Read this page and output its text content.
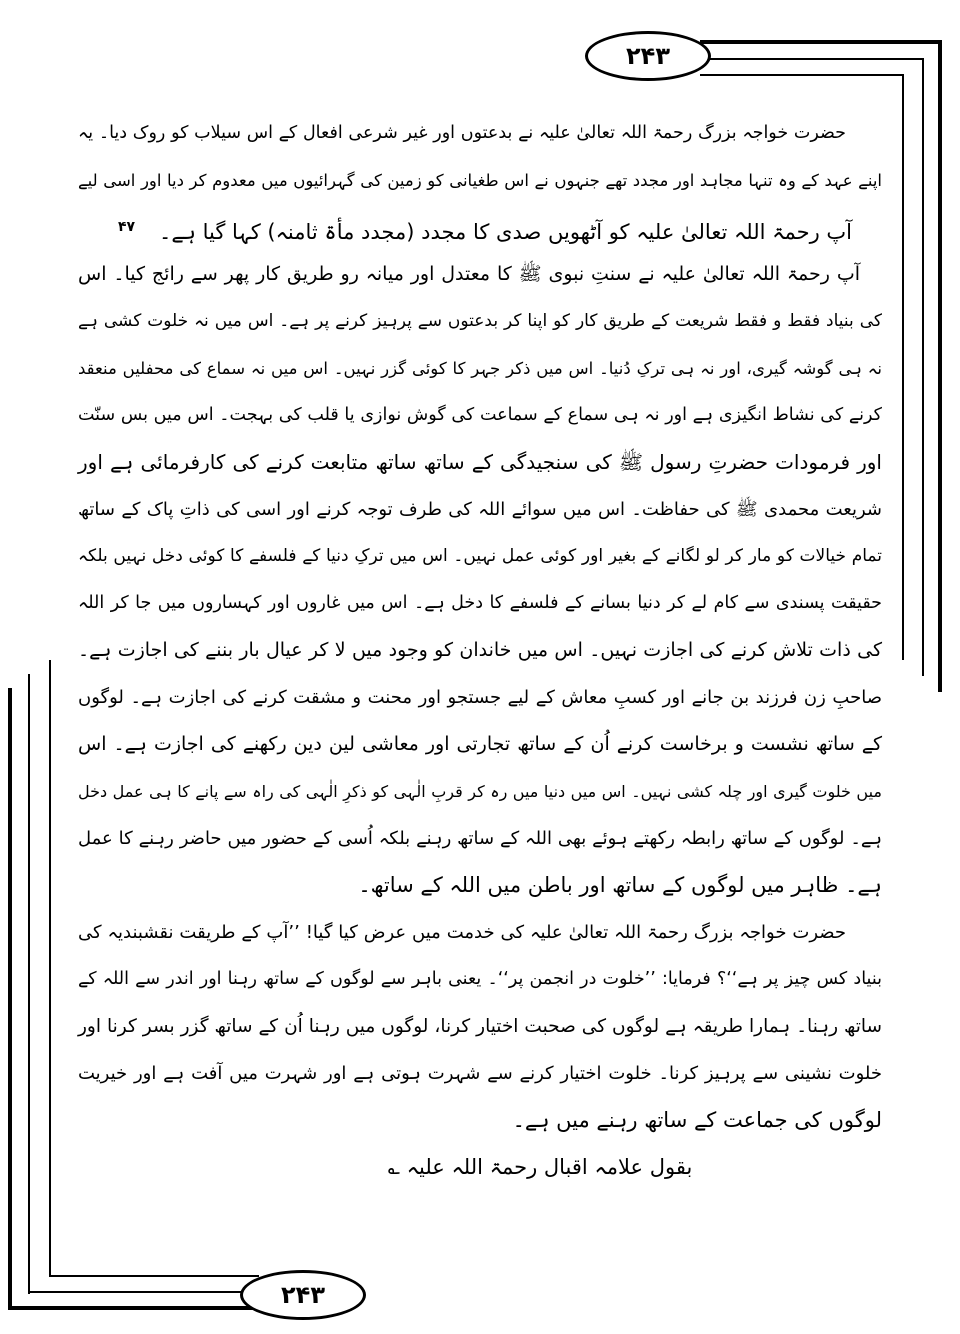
۲۴۳
۲۴۳
حضرت خواجہ بزرگ رحمۃ اللہ تعالیٰ علیہ نے بدعتوں اور غیر شرعی افعال کے اس سیلاب کو روک دیا۔ یہ
اپنے عہد کے وہ تنہا مجاہد اور مجدد تھے جنہوں نے اس طغیانی کو زمین کی گہرائیوں میں معدوم کر دیا اور اسی لیے
آپ رحمۃ اللہ تعالیٰ علیہ کو آٹھویں صدی کا مجدد (مجدد مأۃ ثامنہ) کہا گیا ہے۔$^{۴۷}$
آپ رحمۃ اللہ تعالیٰ علیہ نے سنتِ نبوی ﷺ کا معتدل اور میانہ رو طریق کار پھر سے رائج کیا۔ اس
کی بنیاد فقط و فقط شریعت کے طریق کار کو اپنا کر بدعتوں سے پرہیز کرنے پر ہے۔ اس میں نہ خلوت کشی ہے
نہ ہی گوشہ گیری، اور نہ ہی ترکِ دُنیا۔ اس میں ذکر جہر کا کوئی گزر نہیں۔ اس میں نہ سماع کی محفلیں منعقد
کرنے کی نشاط انگیزی ہے اور نہ ہی سماع کے سماعت کی گوش نوازی یا قلب کی بہجت۔ اس میں بس سنّت
اور فرمودات حضرتِ رسول ﷺ کی سنجیدگی کے ساتھ ساتھ متابعت کرنے کی کارفرمائی ہے اور
شریعت محمدی ﷺ کی حفاظت۔ اس میں سوائے اللہ کی طرف توجہ کرنے اور اسی کی ذاتِ پاک کے ساتھ
تمام خیالات کو مار کر لو لگانے کے بغیر اور کوئی عمل نہیں۔ اس میں ترکِ دنیا کے فلسفے کا کوئی دخل نہیں بلکہ
حقیقت پسندی سے کام لے کر دنیا بسانے کے فلسفے کا دخل ہے۔ اس میں غاروں اور کہساروں میں جا کر اللہ
کی ذات تلاش کرنے کی اجازت نہیں۔ اس میں خاندان کو وجود میں لا کر عیال بار بننے کی اجازت ہے۔
صاحبِ زن فرزند بن جانے اور کسبِ معاش کے لیے جستجو اور محنت و مشقت کرنے کی اجازت ہے۔ لوگوں
کے ساتھ نشست و برخاست کرنے اُن کے ساتھ تجارتی اور معاشی لین دین رکھنے کی اجازت ہے۔ اس
میں خلوت گیری اور چلہ کشی نہیں۔ اس میں دنیا میں رہ کر قربِ الٰہی کو ذکرِ الٰہی کی راہ سے پانے کا ہی عمل دخل
ہے۔ لوگوں کے ساتھ رابطہ رکھتے ہوئے بھی اللہ کے ساتھ رہنے بلکہ اُسی کے حضور میں حاضر رہنے کا عمل
ہے۔ ظاہر میں لوگوں کے ساتھ اور باطن میں اللہ کے ساتھ۔
حضرت خواجہ بزرگ رحمۃ اللہ تعالیٰ علیہ کی خدمت میں عرض کیا گیا! ’’آپ کے طریقت نقشبندیہ کی
بنیاد کس چیز پر ہے‘‘؟ فرمایا: ’’خلوت در انجمن پر‘‘۔ یعنی باہر سے لوگوں کے ساتھ رہنا اور اندر سے اللہ کے
ساتھ رہنا۔ ہمارا طریقہ ہے لوگوں کی صحبت اختیار کرنا، لوگوں میں رہنا اُن کے ساتھ گزر بسر کرنا اور
خلوت نشینی سے پرہیز کرنا۔ خلوت اختیار کرنے سے شہرت ہوتی ہے اور شہرت میں آفت ہے اور خیریت
لوگوں کی جماعت کے ساتھ رہنے میں ہے۔
بقول علامہ اقبال رحمۃ اللہ علیہ ؎
